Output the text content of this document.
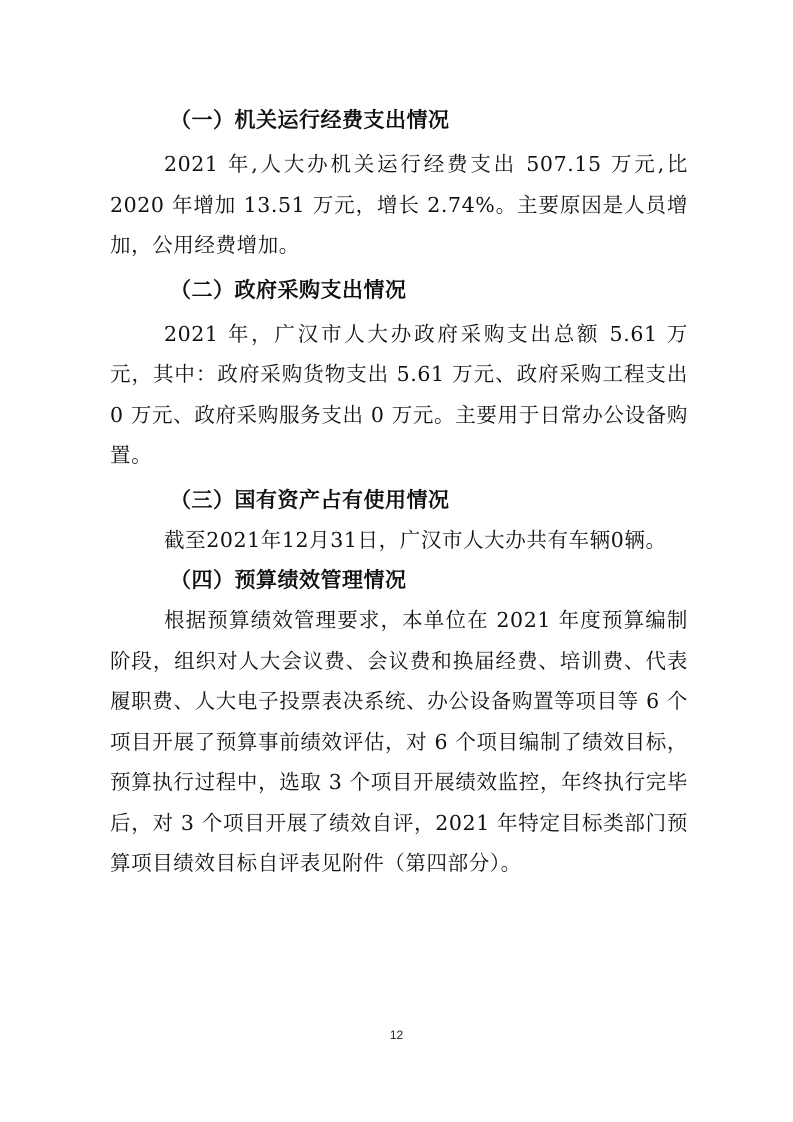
（一）机关运行经费支出情况

2021 年,人大办机关运行经费支出 507.15 万元,比 2020 年增加 13.51 万元，增长 2.74%。主要原因是人员增加，公用经费增加。

（二）政府采购支出情况

2021 年，广汉市人大办政府采购支出总额 5.61 万元，其中：政府采购货物支出 5.61 万元、政府采购工程支出 0 万元、政府采购服务支出 0 万元。主要用于日常办公设备购置。

（三）国有资产占有使用情况

截至2021年12月31日，广汉市人大办共有车辆0辆。

（四）预算绩效管理情况

根据预算绩效管理要求，本单位在 2021 年度预算编制阶段，组织对人大会议费、会议费和换届经费、培训费、代表履职费、人大电子投票表决系统、办公设备购置等项目等 6 个项目开展了预算事前绩效评估，对 6 个项目编制了绩效目标，预算执行过程中，选取 3 个项目开展绩效监控，年终执行完毕后，对 3 个项目开展了绩效自评，2021 年特定目标类部门预算项目绩效目标自评表见附件（第四部分）。

12
